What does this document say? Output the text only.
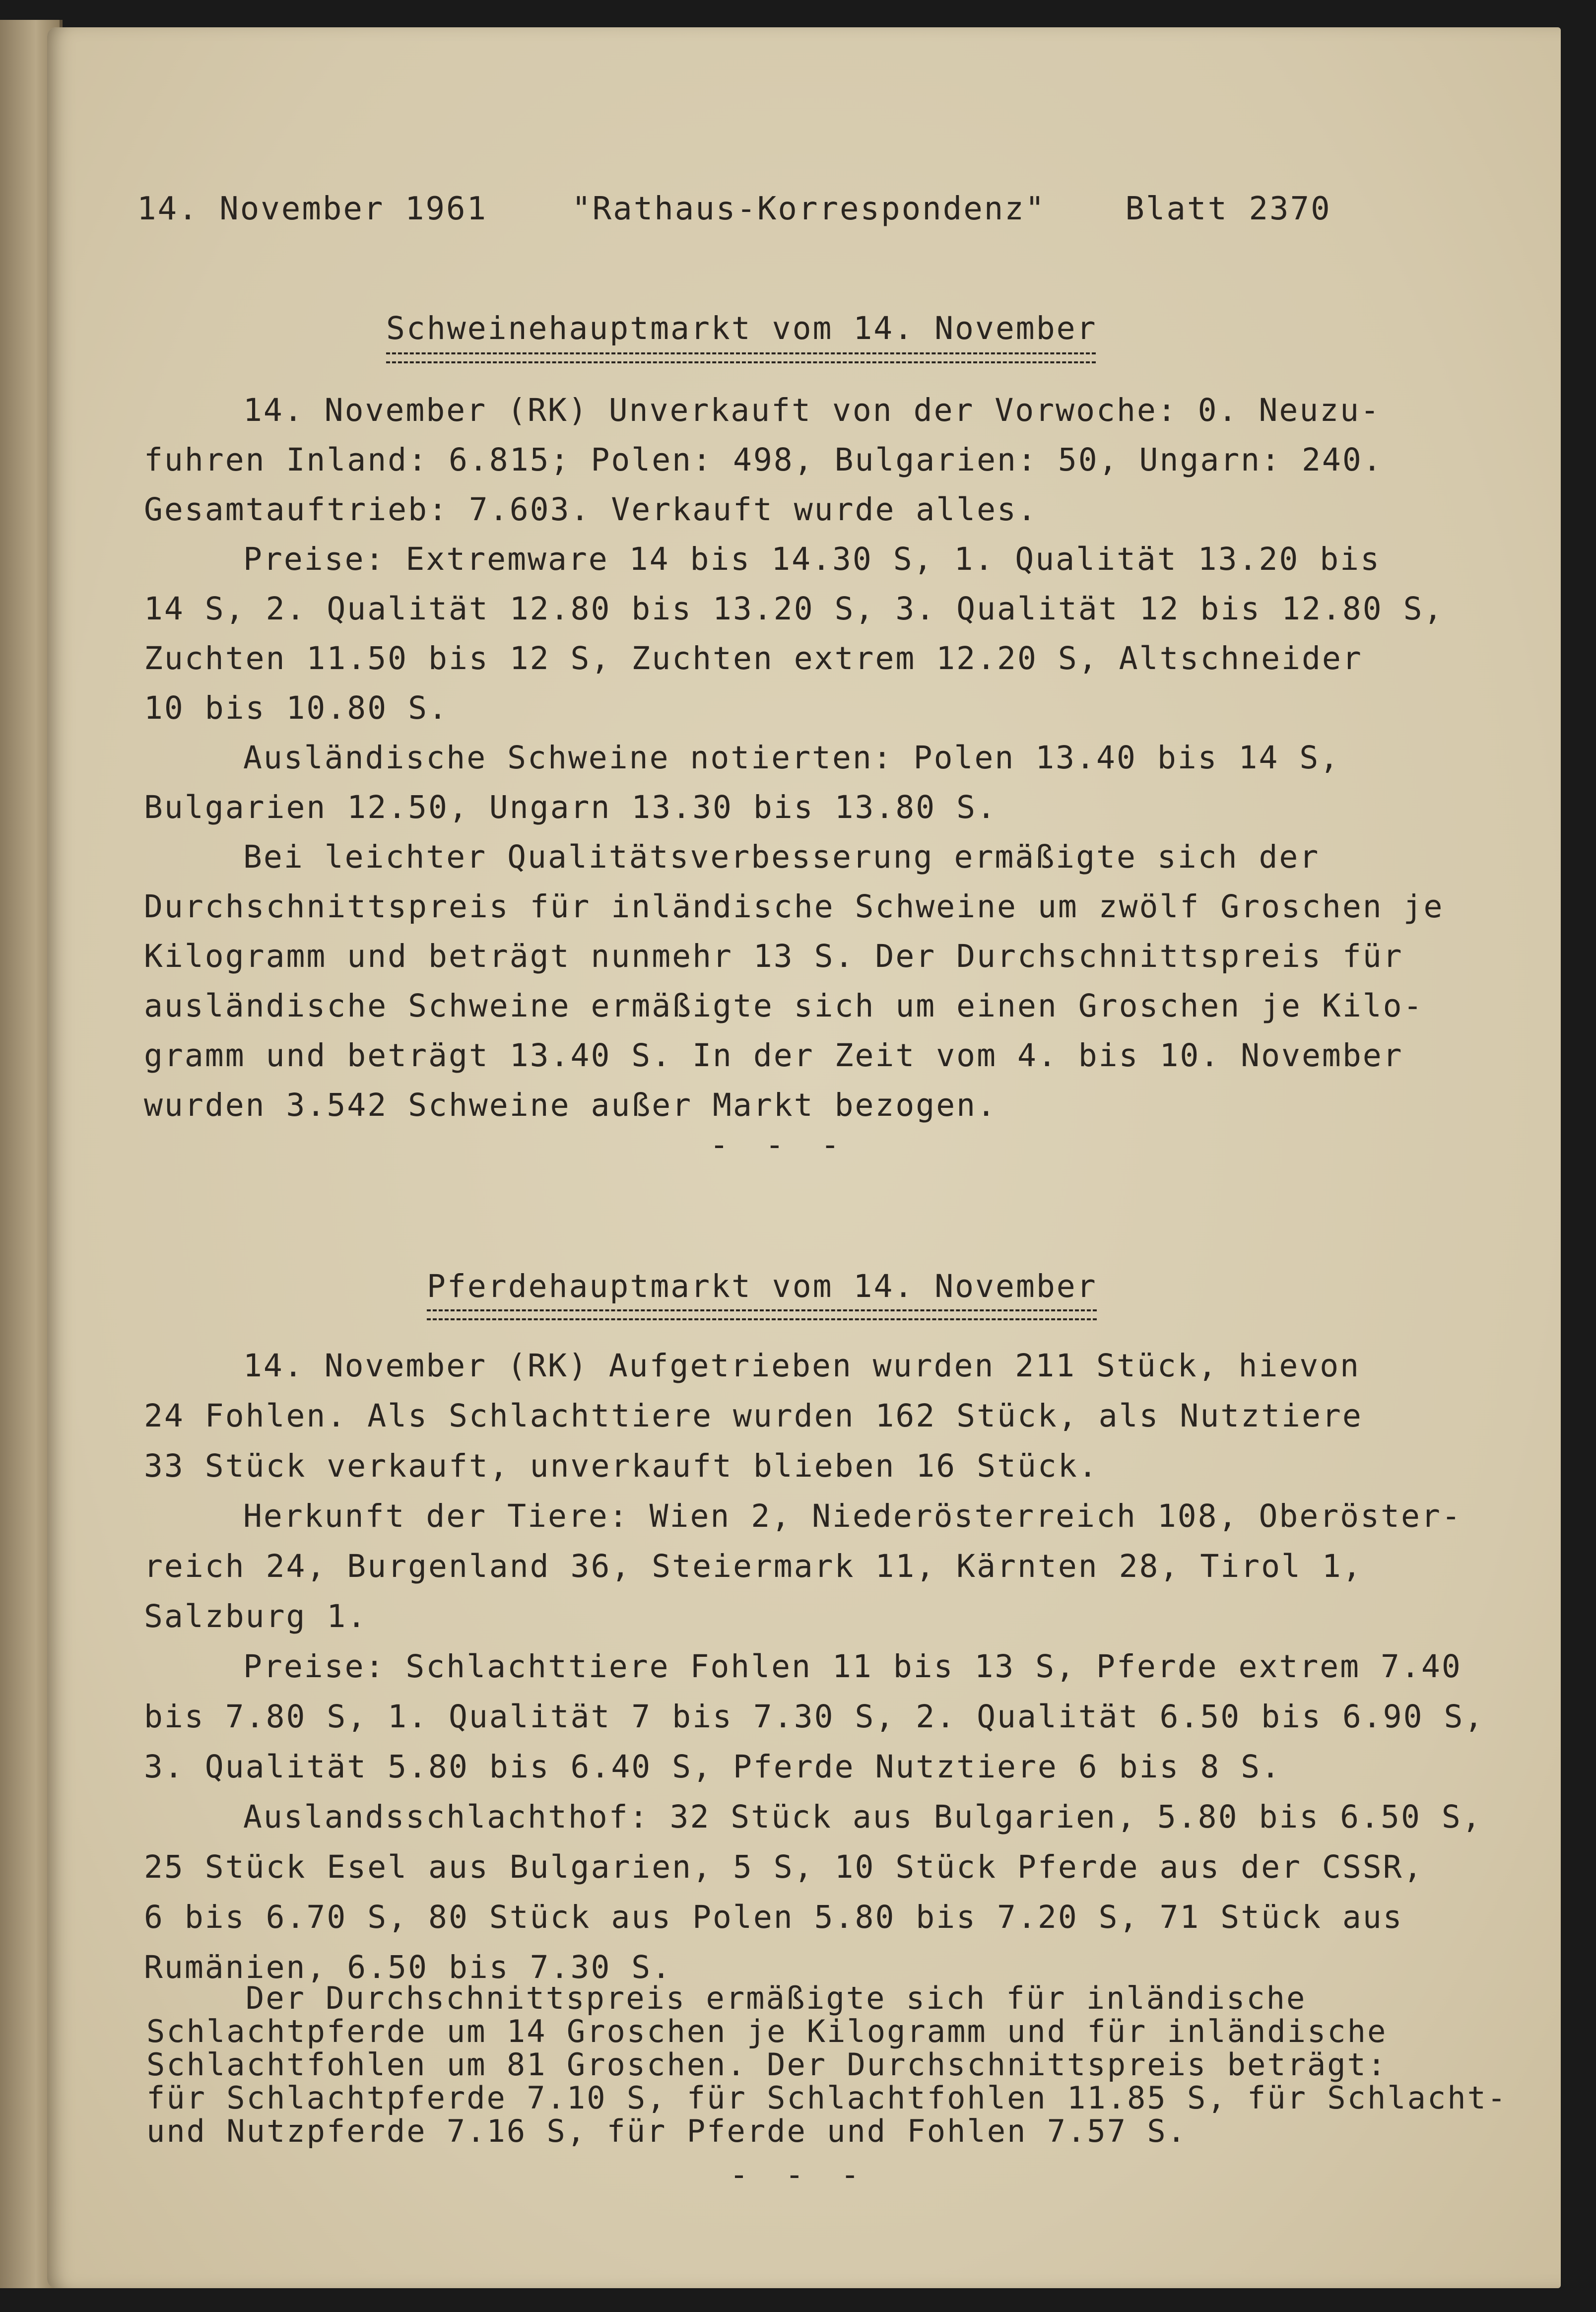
14. November 1961	"Rathaus-Korrespondenz"	Blatt 2370

Schweinehauptmarkt vom 14. November
14. November (RK) Unverkauft von der Vorwoche: 0. Neuzu-
fuhren Inland: 6.815; Polen: 498, Bulgarien: 50, Ungarn: 240.
Gesamtauftrieb: 7.603. Verkauft wurde alles.
Preise: Extremware 14 bis 14.30 S, 1. Qualität 13.20 bis
14 S, 2. Qualität 12.80 bis 13.20 S, 3. Qualität 12 bis 12.80 S,
Zuchten 11.50 bis 12 S, Zuchten extrem 12.20 S, Altschneider
10 bis 10.80 S.
Ausländische Schweine notierten: Polen 13.40 bis 14 S,
Bulgarien 12.50, Ungarn 13.30 bis 13.80 S.
Bei leichter Qualitätsverbesserung ermäßigte sich der
Durchschnittspreis für inländische Schweine um zwölf Groschen je
Kilogramm und beträgt nunmehr 13 S. Der Durchschnittspreis für
ausländische Schweine ermäßigte sich um einen Groschen je Kilo-
gramm und beträgt 13.40 S. In der Zeit vom 4. bis 10. November
wurden 3.542 Schweine außer Markt bezogen.
- - -
Pferdehauptmarkt vom 14. November
14. November (RK) Aufgetrieben wurden 211 Stück, hievon
24 Fohlen. Als Schlachttiere wurden 162 Stück, als Nutztiere
33 Stück verkauft, unverkauft blieben 16 Stück.
Herkunft der Tiere: Wien 2, Niederösterreich 108, Oberöster-
reich 24, Burgenland 36, Steiermark 11, Kärnten 28, Tirol 1,
Salzburg 1.
Preise: Schlachttiere Fohlen 11 bis 13 S, Pferde extrem 7.40
bis 7.80 S, 1. Qualität 7 bis 7.30 S, 2. Qualität 6.50 bis 6.90 S,
3. Qualität 5.80 bis 6.40 S, Pferde Nutztiere 6 bis 8 S.
Auslandsschlachthof: 32 Stück aus Bulgarien, 5.80 bis 6.50 S,
25 Stück Esel aus Bulgarien, 5 S, 10 Stück Pferde aus der CSSR,
6 bis 6.70 S, 80 Stück aus Polen 5.80 bis 7.20 S, 71 Stück aus
Rumänien, 6.50 bis 7.30 S.
Der Durchschnittspreis ermäßigte sich für inländische
Schlachtpferde um 14 Groschen je Kilogramm und für inländische
Schlachtfohlen um 81 Groschen. Der Durchschnittspreis beträgt:
für Schlachtpferde 7.10 S, für Schlachtfohlen 11.85 S, für Schlacht-
und Nutzpferde 7.16 S, für Pferde und Fohlen 7.57 S.
- - -
